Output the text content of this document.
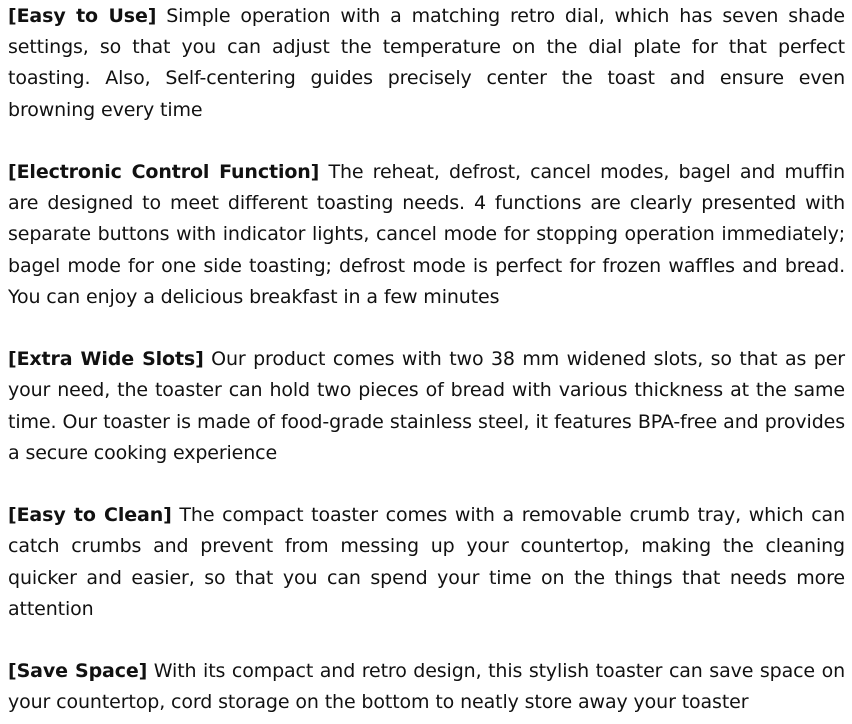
[Easy to Use] Simple operation with a matching retro dial, which has seven shade settings, so that you can adjust the temperature on the dial plate for that perfect toasting. Also, Self-centering guides precisely center the toast and ensure even browning every time

[Electronic Control Function] The reheat, defrost, cancel modes, bagel and muffin are designed to meet different toasting needs. 4 functions are clearly presented with separate buttons with indicator lights, cancel mode for stopping operation immediately; bagel mode for one side toasting; defrost mode is perfect for frozen waffles and bread. You can enjoy a delicious breakfast in a few minutes

[Extra Wide Slots] Our product comes with two 38 mm widened slots, so that as per your need, the toaster can hold two pieces of bread with various thickness at the same time. Our toaster is made of food-grade stainless steel, it features BPA-free and provides a secure cooking experience

[Easy to Clean] The compact toaster comes with a removable crumb tray, which can catch crumbs and prevent from messing up your countertop, making the cleaning quicker and easier, so that you can spend your time on the things that needs more attention

[Save Space] With its compact and retro design, this stylish toaster can save space on your countertop, cord storage on the bottom to neatly store away your toaster
